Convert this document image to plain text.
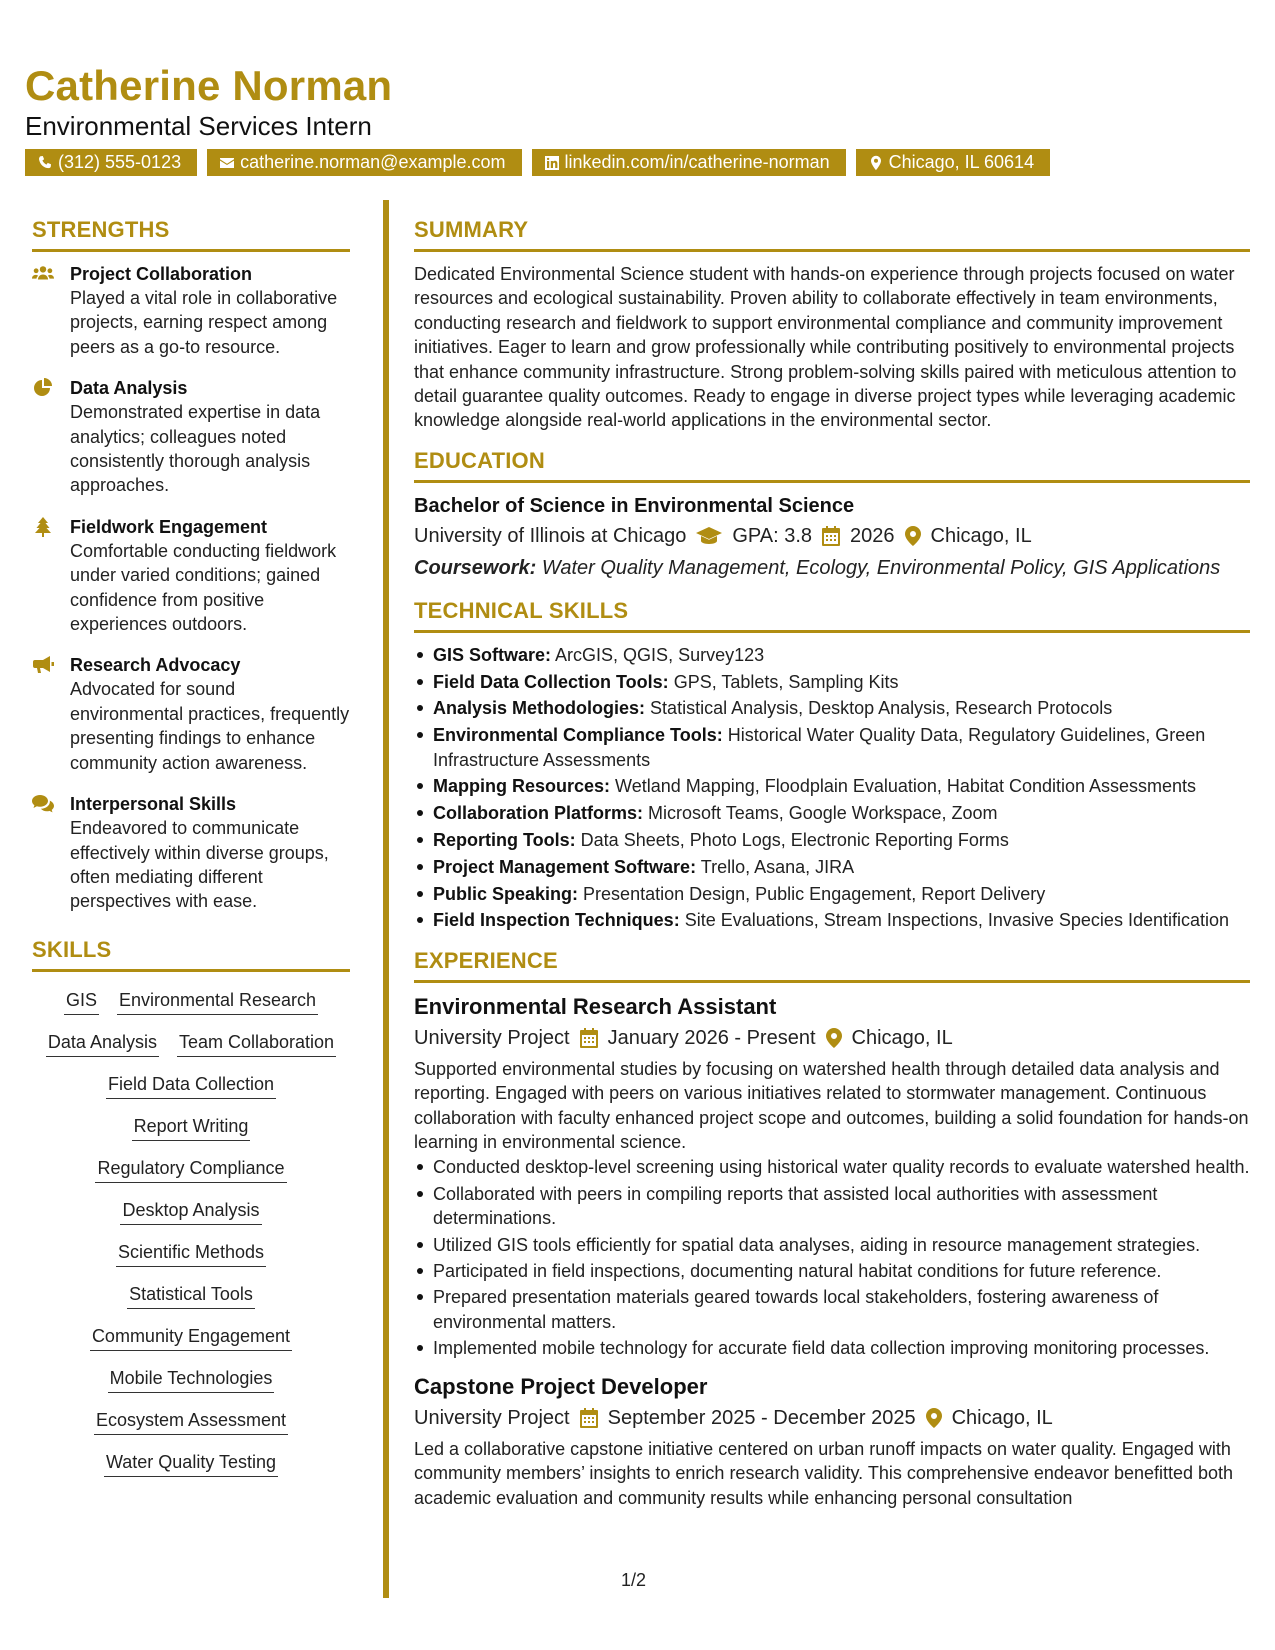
Catherine Norman
Environmental Services Intern
(312) 555-0123	catherine.norman@example.com	linkedin.com/in/catherine-norman	Chicago, IL 60614
STRENGTHS
Project Collaboration
Played a vital role in collaborative projects, earning respect among peers as a go-to resource.
Data Analysis
Demonstrated expertise in data analytics; colleagues noted consistently thorough analysis approaches.
Fieldwork Engagement
Comfortable conducting fieldwork under varied conditions; gained confidence from positive experiences outdoors.
Research Advocacy
Advocated for sound environmental practices, frequently presenting findings to enhance community action awareness.
Interpersonal Skills
Endeavored to communicate effectively within diverse groups, often mediating different perspectives with ease.
SKILLS
GIS Environmental Research
Data Analysis Team Collaboration
Field Data Collection
Report Writing
Regulatory Compliance
Desktop Analysis
Scientific Methods
Statistical Tools
Community Engagement
Mobile Technologies
Ecosystem Assessment
Water Quality Testing
SUMMARY
Dedicated Environmental Science student with hands-on experience through projects focused on water resources and ecological sustainability. Proven ability to collaborate effectively in team environments, conducting research and fieldwork to support environmental compliance and community improvement initiatives. Eager to learn and grow professionally while contributing positively to environmental projects that enhance community infrastructure. Strong problem-solving skills paired with meticulous attention to detail guarantee quality outcomes. Ready to engage in diverse project types while leveraging academic knowledge alongside real-world applications in the environmental sector.
EDUCATION
Bachelor of Science in Environmental Science
University of Illinois at Chicago GPA: 3.8 2026 Chicago, IL
Coursework: Water Quality Management, Ecology, Environmental Policy, GIS Applications
TECHNICAL SKILLS
GIS Software: ArcGIS, QGIS, Survey123
Field Data Collection Tools: GPS, Tablets, Sampling Kits
Analysis Methodologies: Statistical Analysis, Desktop Analysis, Research Protocols
Environmental Compliance Tools: Historical Water Quality Data, Regulatory Guidelines, Green Infrastructure Assessments
Mapping Resources: Wetland Mapping, Floodplain Evaluation, Habitat Condition Assessments
Collaboration Platforms: Microsoft Teams, Google Workspace, Zoom
Reporting Tools: Data Sheets, Photo Logs, Electronic Reporting Forms
Project Management Software: Trello, Asana, JIRA
Public Speaking: Presentation Design, Public Engagement, Report Delivery
Field Inspection Techniques: Site Evaluations, Stream Inspections, Invasive Species Identification
EXPERIENCE
Environmental Research Assistant
University Project January 2026 - Present Chicago, IL
Supported environmental studies by focusing on watershed health through detailed data analysis and reporting. Engaged with peers on various initiatives related to stormwater management. Continuous collaboration with faculty enhanced project scope and outcomes, building a solid foundation for hands-on learning in environmental science.
Conducted desktop-level screening using historical water quality records to evaluate watershed health.
Collaborated with peers in compiling reports that assisted local authorities with assessment determinations.
Utilized GIS tools efficiently for spatial data analyses, aiding in resource management strategies.
Participated in field inspections, documenting natural habitat conditions for future reference.
Prepared presentation materials geared towards local stakeholders, fostering awareness of environmental matters.
Implemented mobile technology for accurate field data collection improving monitoring processes.
Capstone Project Developer
University Project September 2025 - December 2025 Chicago, IL
Led a collaborative capstone initiative centered on urban runoff impacts on water quality. Engaged with community members’ insights to enrich research validity. This comprehensive endeavor benefitted both academic evaluation and community results while enhancing personal consultation
1/2
